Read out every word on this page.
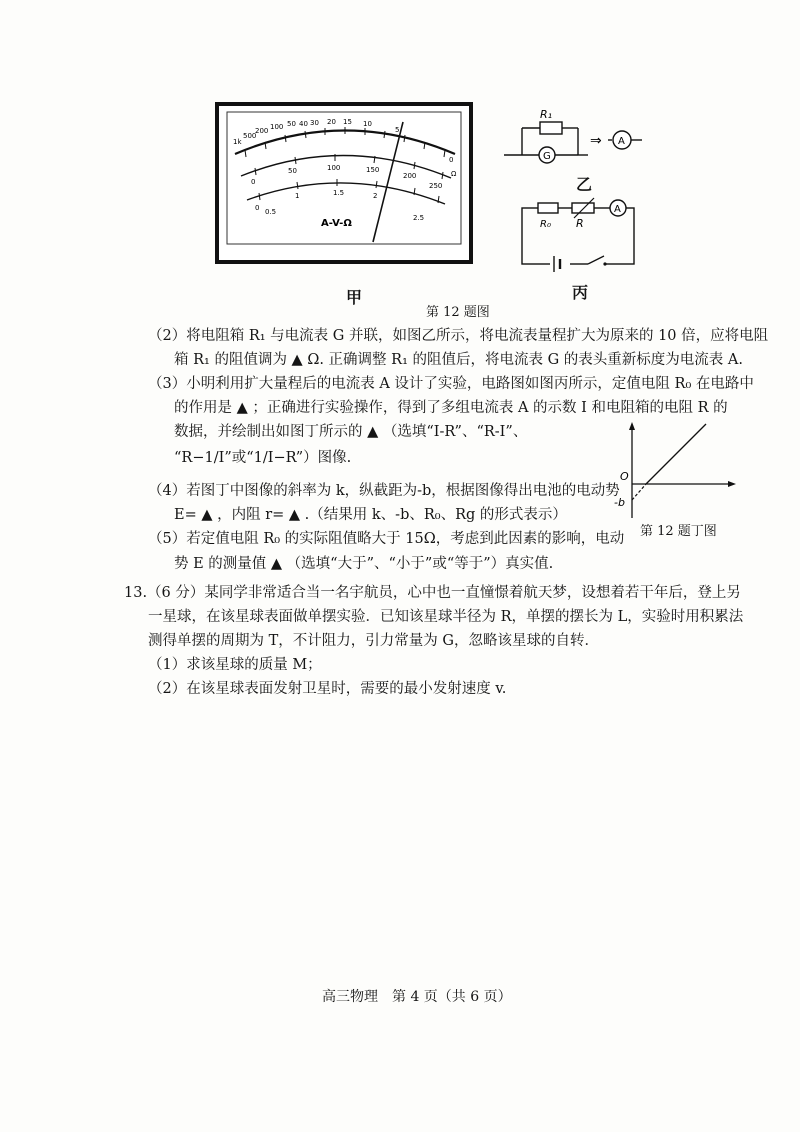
1k
500
200 100 50 40 30 20 15 10
5
0
Ω
0
50	100	150
200
250
0 0.5
1	1.5	2
2.5
A-V-Ω
甲
R₁
G
⇒ A
乙
A
R₀ R
丙
第 12 题图
O
-b
第 12 题丁图
（2）将电阻箱 R₁ 与电流表 G 并联，如图乙所示，将电流表量程扩大为原来的 10 倍，应将电阻
箱 R₁ 的阻值调为 ▲ Ω. 正确调整 R₁ 的阻值后，将电流表 G 的表头重新标度为电流表 A.
（3）小明利用扩大量程后的电流表 A 设计了实验，电路图如图丙所示，定值电阻 R₀ 在电路中
的作用是 ▲ ；正确进行实验操作，得到了多组电流表 A 的示数 I 和电阻箱的电阻 R 的
数据，并绘制出如图丁所示的 ▲ （选填“I-R”、“R-I”、
“R−1/I”或“1/I−R”）图像.
（4）若图丁中图像的斜率为 k，纵截距为-b，根据图像得出电池的电动势
E= ▲ ，内阻 r= ▲ .（结果用 k、-b、R₀、Rg 的形式表示）
（5）若定值电阻 R₀ 的实际阻值略大于 15Ω，考虑到此因素的影响，电动
势 E 的测量值 ▲ （选填“大于”、“小于”或“等于”）真实值.
13.（6 分）某同学非常适合当一名宇航员，心中也一直憧憬着航天梦，设想着若干年后，登上另
一星球，在该星球表面做单摆实验．已知该星球半径为 R，单摆的摆长为 L，实验时用积累法
测得单摆的周期为 T，不计阻力，引力常量为 G，忽略该星球的自转．
（1）求该星球的质量 M；
（2）在该星球表面发射卫星时，需要的最小发射速度 v.
高三物理　第 4 页（共 6 页）
